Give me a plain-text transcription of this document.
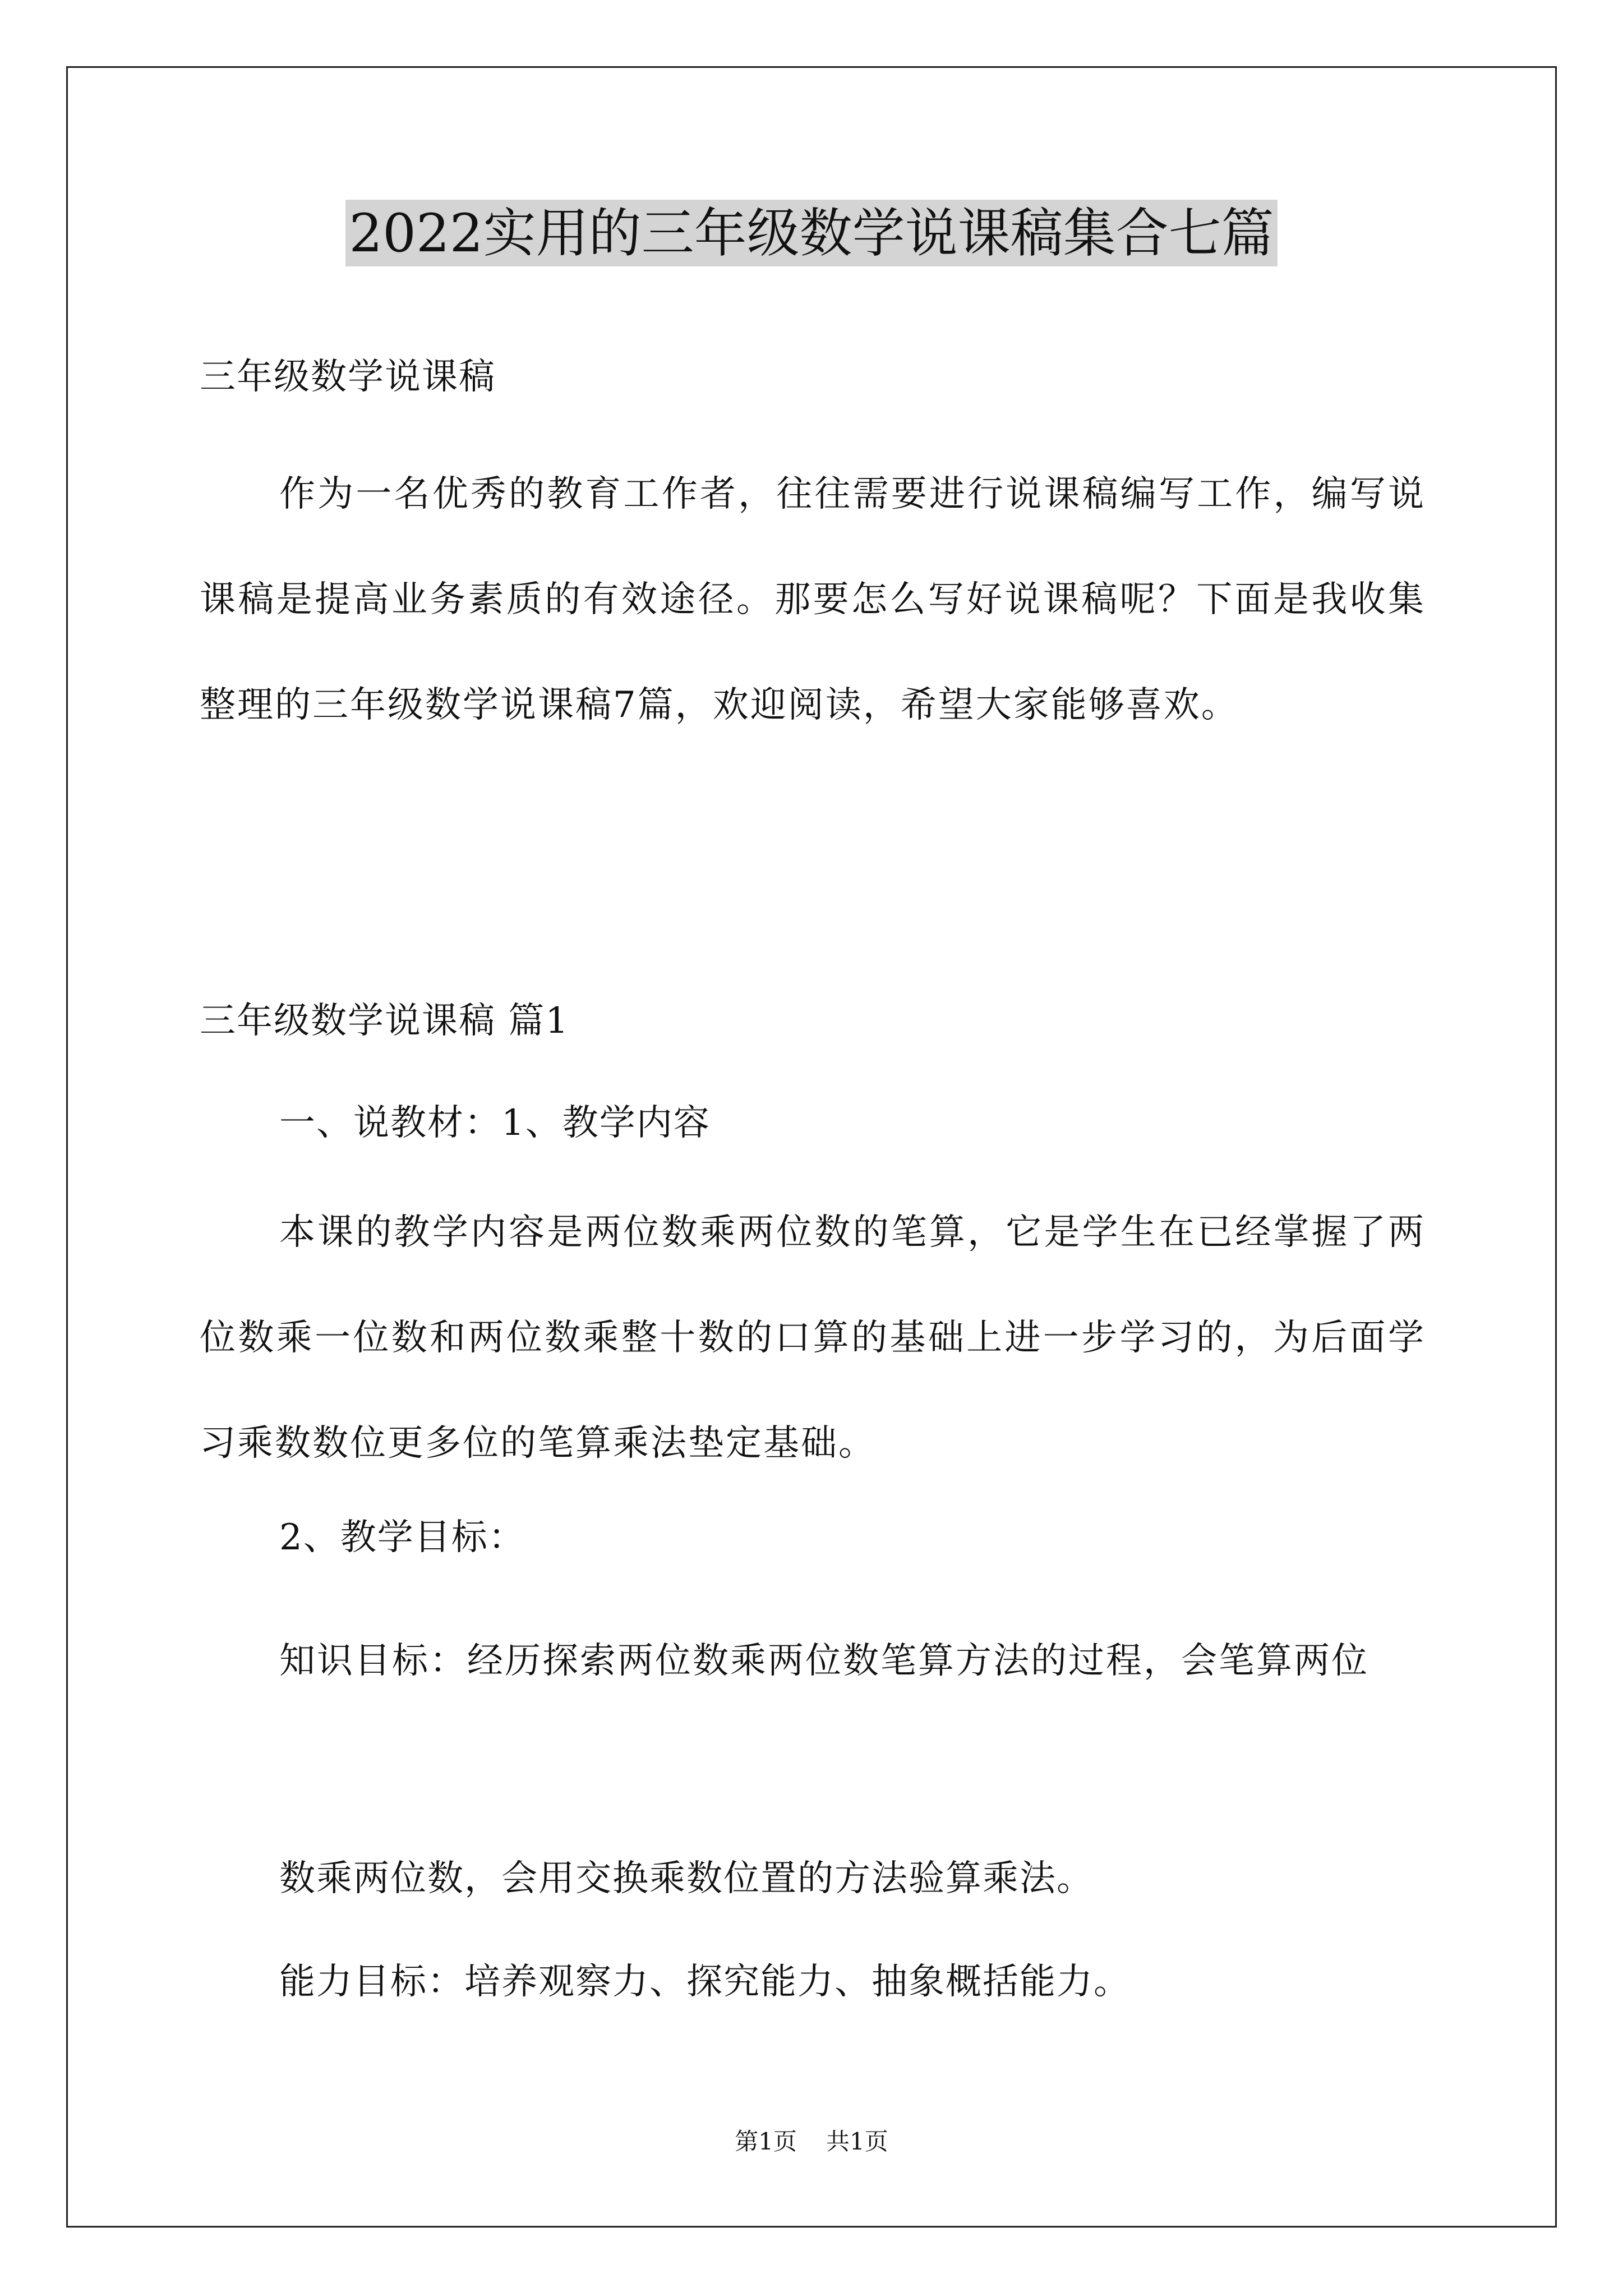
2022实用的三年级数学说课稿集合七篇

三年级数学说课稿

作为一名优秀的教育工作者，往往需要进行说课稿编写工作，编写说课稿是提高业务素质的有效途径。那要怎么写好说课稿呢？下面是我收集整理的三年级数学说课稿7篇，欢迎阅读，希望大家能够喜欢。

三年级数学说课稿 篇1

一、说教材：1、教学内容

本课的教学内容是两位数乘两位数的笔算，它是学生在已经掌握了两位数乘一位数和两位数乘整十数的口算的基础上进一步学习的，为后面学习乘数数位更多位的笔算乘法垫定基础。

2、教学目标：

知识目标：经历探索两位数乘两位数笔算方法的过程，会笔算两位

数乘两位数，会用交换乘数位置的方法验算乘法。

能力目标：培养观察力、探究能力、抽象概括能力。

第1页 共1页
